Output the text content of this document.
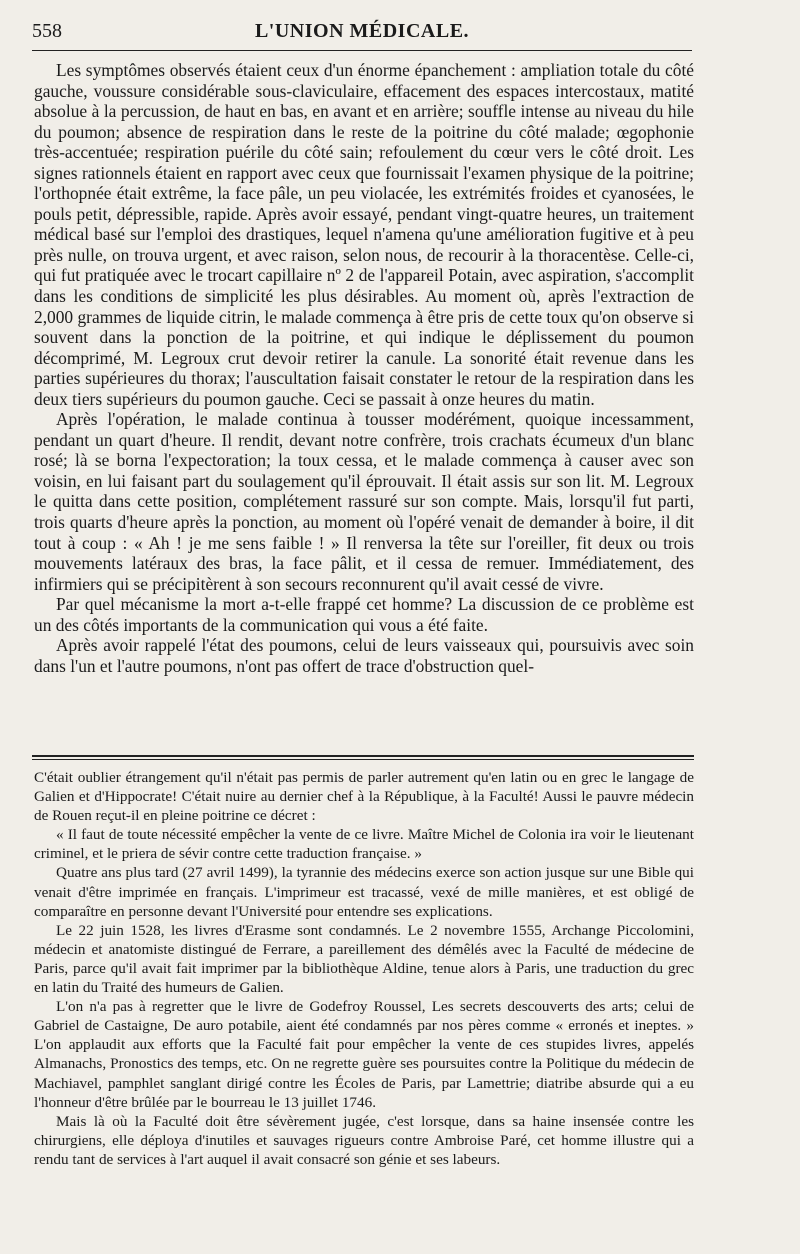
558	L'UNION MÉDICALE.

Les symptômes observés étaient ceux d'un énorme épanchement : ampliation totale du côté gauche, voussure considérable sous-claviculaire, effacement des espaces intercostaux, matité absolue à la percussion, de haut en bas, en avant et en arrière; souffle intense au niveau du hile du poumon; absence de respiration dans le reste de la poitrine du côté malade; œgophonie très-accentuée; respiration puérile du côté sain; refoulement du cœur vers le côté droit. Les signes rationnels étaient en rapport avec ceux que fournissait l'examen physique de la poitrine; l'orthopnée était extrême, la face pâle, un peu violacée, les extrémités froides et cyanosées, le pouls petit, dépressible, rapide. Après avoir essayé, pendant vingt-quatre heures, un traitement médical basé sur l'emploi des drastiques, lequel n'amena qu'une amélioration fugitive et à peu près nulle, on trouva urgent, et avec raison, selon nous, de recourir à la thoracentèse. Celle-ci, qui fut pratiquée avec le trocart capillaire nº 2 de l'appareil Potain, avec aspiration, s'accomplit dans les conditions de simplicité les plus désirables. Au moment où, après l'extraction de 2,000 grammes de liquide citrin, le malade commença à être pris de cette toux qu'on observe si souvent dans la ponction de la poitrine, et qui indique le déplissement du poumon décomprimé, M. Legroux crut devoir retirer la canule. La sonorité était revenue dans les parties supérieures du thorax; l'auscultation faisait constater le retour de la respiration dans les deux tiers supérieurs du poumon gauche. Ceci se passait à onze heures du matin.

Après l'opération, le malade continua à tousser modérément, quoique incessamment, pendant un quart d'heure. Il rendit, devant notre confrère, trois crachats écumeux d'un blanc rosé; là se borna l'expectoration; la toux cessa, et le malade commença à causer avec son voisin, en lui faisant part du soulagement qu'il éprouvait. Il était assis sur son lit. M. Legroux le quitta dans cette position, complétement rassuré sur son compte. Mais, lorsqu'il fut parti, trois quarts d'heure après la ponction, au moment où l'opéré venait de demander à boire, il dit tout à coup : « Ah ! je me sens faible ! » Il renversa la tête sur l'oreiller, fit deux ou trois mouvements latéraux des bras, la face pâlit, et il cessa de remuer. Immédiatement, des infirmiers qui se précipitèrent à son secours reconnurent qu'il avait cessé de vivre.

Par quel mécanisme la mort a-t-elle frappé cet homme? La discussion de ce problème est un des côtés importants de la communication qui vous a été faite.

Après avoir rappelé l'état des poumons, celui de leurs vaisseaux qui, poursuivis avec soin dans l'un et l'autre poumons, n'ont pas offert de trace d'obstruction quel-

C'était oublier étrangement qu'il n'était pas permis de parler autrement qu'en latin ou en grec le langage de Galien et d'Hippocrate! C'était nuire au dernier chef à la République, à la Faculté! Aussi le pauvre médecin de Rouen reçut-il en pleine poitrine ce décret :

« Il faut de toute nécessité empêcher la vente de ce livre. Maître Michel de Colonia ira voir le lieutenant criminel, et le priera de sévir contre cette traduction française. »

Quatre ans plus tard (27 avril 1499), la tyrannie des médecins exerce son action jusque sur une Bible qui venait d'être imprimée en français. L'imprimeur est tracassé, vexé de mille manières, et est obligé de comparaître en personne devant l'Université pour entendre ses explications.

Le 22 juin 1528, les livres d'Erasme sont condamnés. Le 2 novembre 1555, Archange Piccolomini, médecin et anatomiste distingué de Ferrare, a pareillement des démêlés avec la Faculté de médecine de Paris, parce qu'il avait fait imprimer par la bibliothèque Aldine, tenue alors à Paris, une traduction du grec en latin du Traité des humeurs de Galien.

L'on n'a pas à regretter que le livre de Godefroy Roussel, Les secrets descouverts des arts; celui de Gabriel de Castaigne, De auro potabile, aient été condamnés par nos pères comme « erronés et ineptes. » L'on applaudit aux efforts que la Faculté fait pour empêcher la vente de ces stupides livres, appelés Almanachs, Pronostics des temps, etc. On ne regrette guère ses poursuites contre la Politique du médecin de Machiavel, pamphlet sanglant dirigé contre les Écoles de Paris, par Lamettrie; diatribe absurde qui a eu l'honneur d'être brûlée par le bourreau le 13 juillet 1746.

Mais là où la Faculté doit être sévèrement jugée, c'est lorsque, dans sa haine insensée contre les chirurgiens, elle déploya d'inutiles et sauvages rigueurs contre Ambroise Paré, cet homme illustre qui a rendu tant de services à l'art auquel il avait consacré son génie et ses labeurs.
